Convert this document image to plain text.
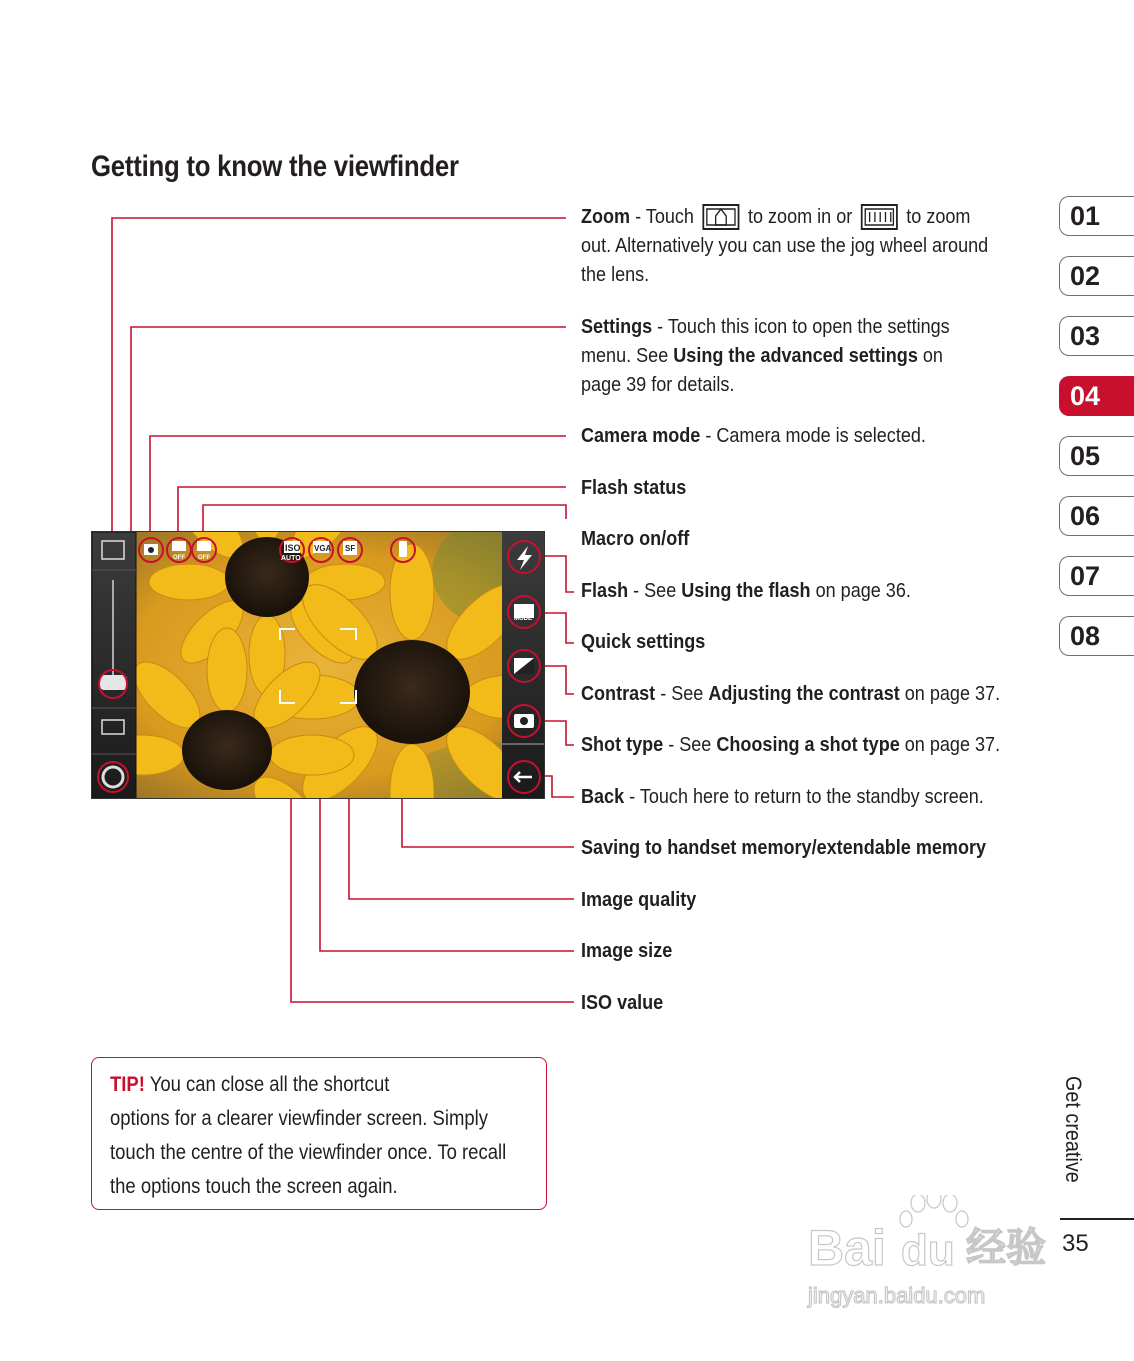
Getting to know the viewfinder
ISO
AUTO
VGA SF
OFF OFF
MODE
Zoom - Touch  to zoom in or  to zoom
out. Alternatively you can use the jog wheel around
the lens.
Settings - Touch this icon to open the settings
menu. See Using the advanced settings on
page 39 for details.
Camera mode - Camera mode is selected.
Flash status
Macro on/off
Flash - See Using the flash on page 36.
Quick settings
Contrast - See Adjusting the contrast on page 37.
Shot type - See Choosing a shot type on page 37.
Back - Touch here to return to the standby screen.
Saving to handset memory/extendable memory
Image quality
Image size
ISO value
01
02
03
04
05
06
07
08

TIP! You can close all the shortcut
options for a clearer viewfinder screen. Simply
touch the centre of the viewfinder once. To recall
the options touch the screen again.

Get creative
35
Bai du 经验
jingyan.baidu.com
